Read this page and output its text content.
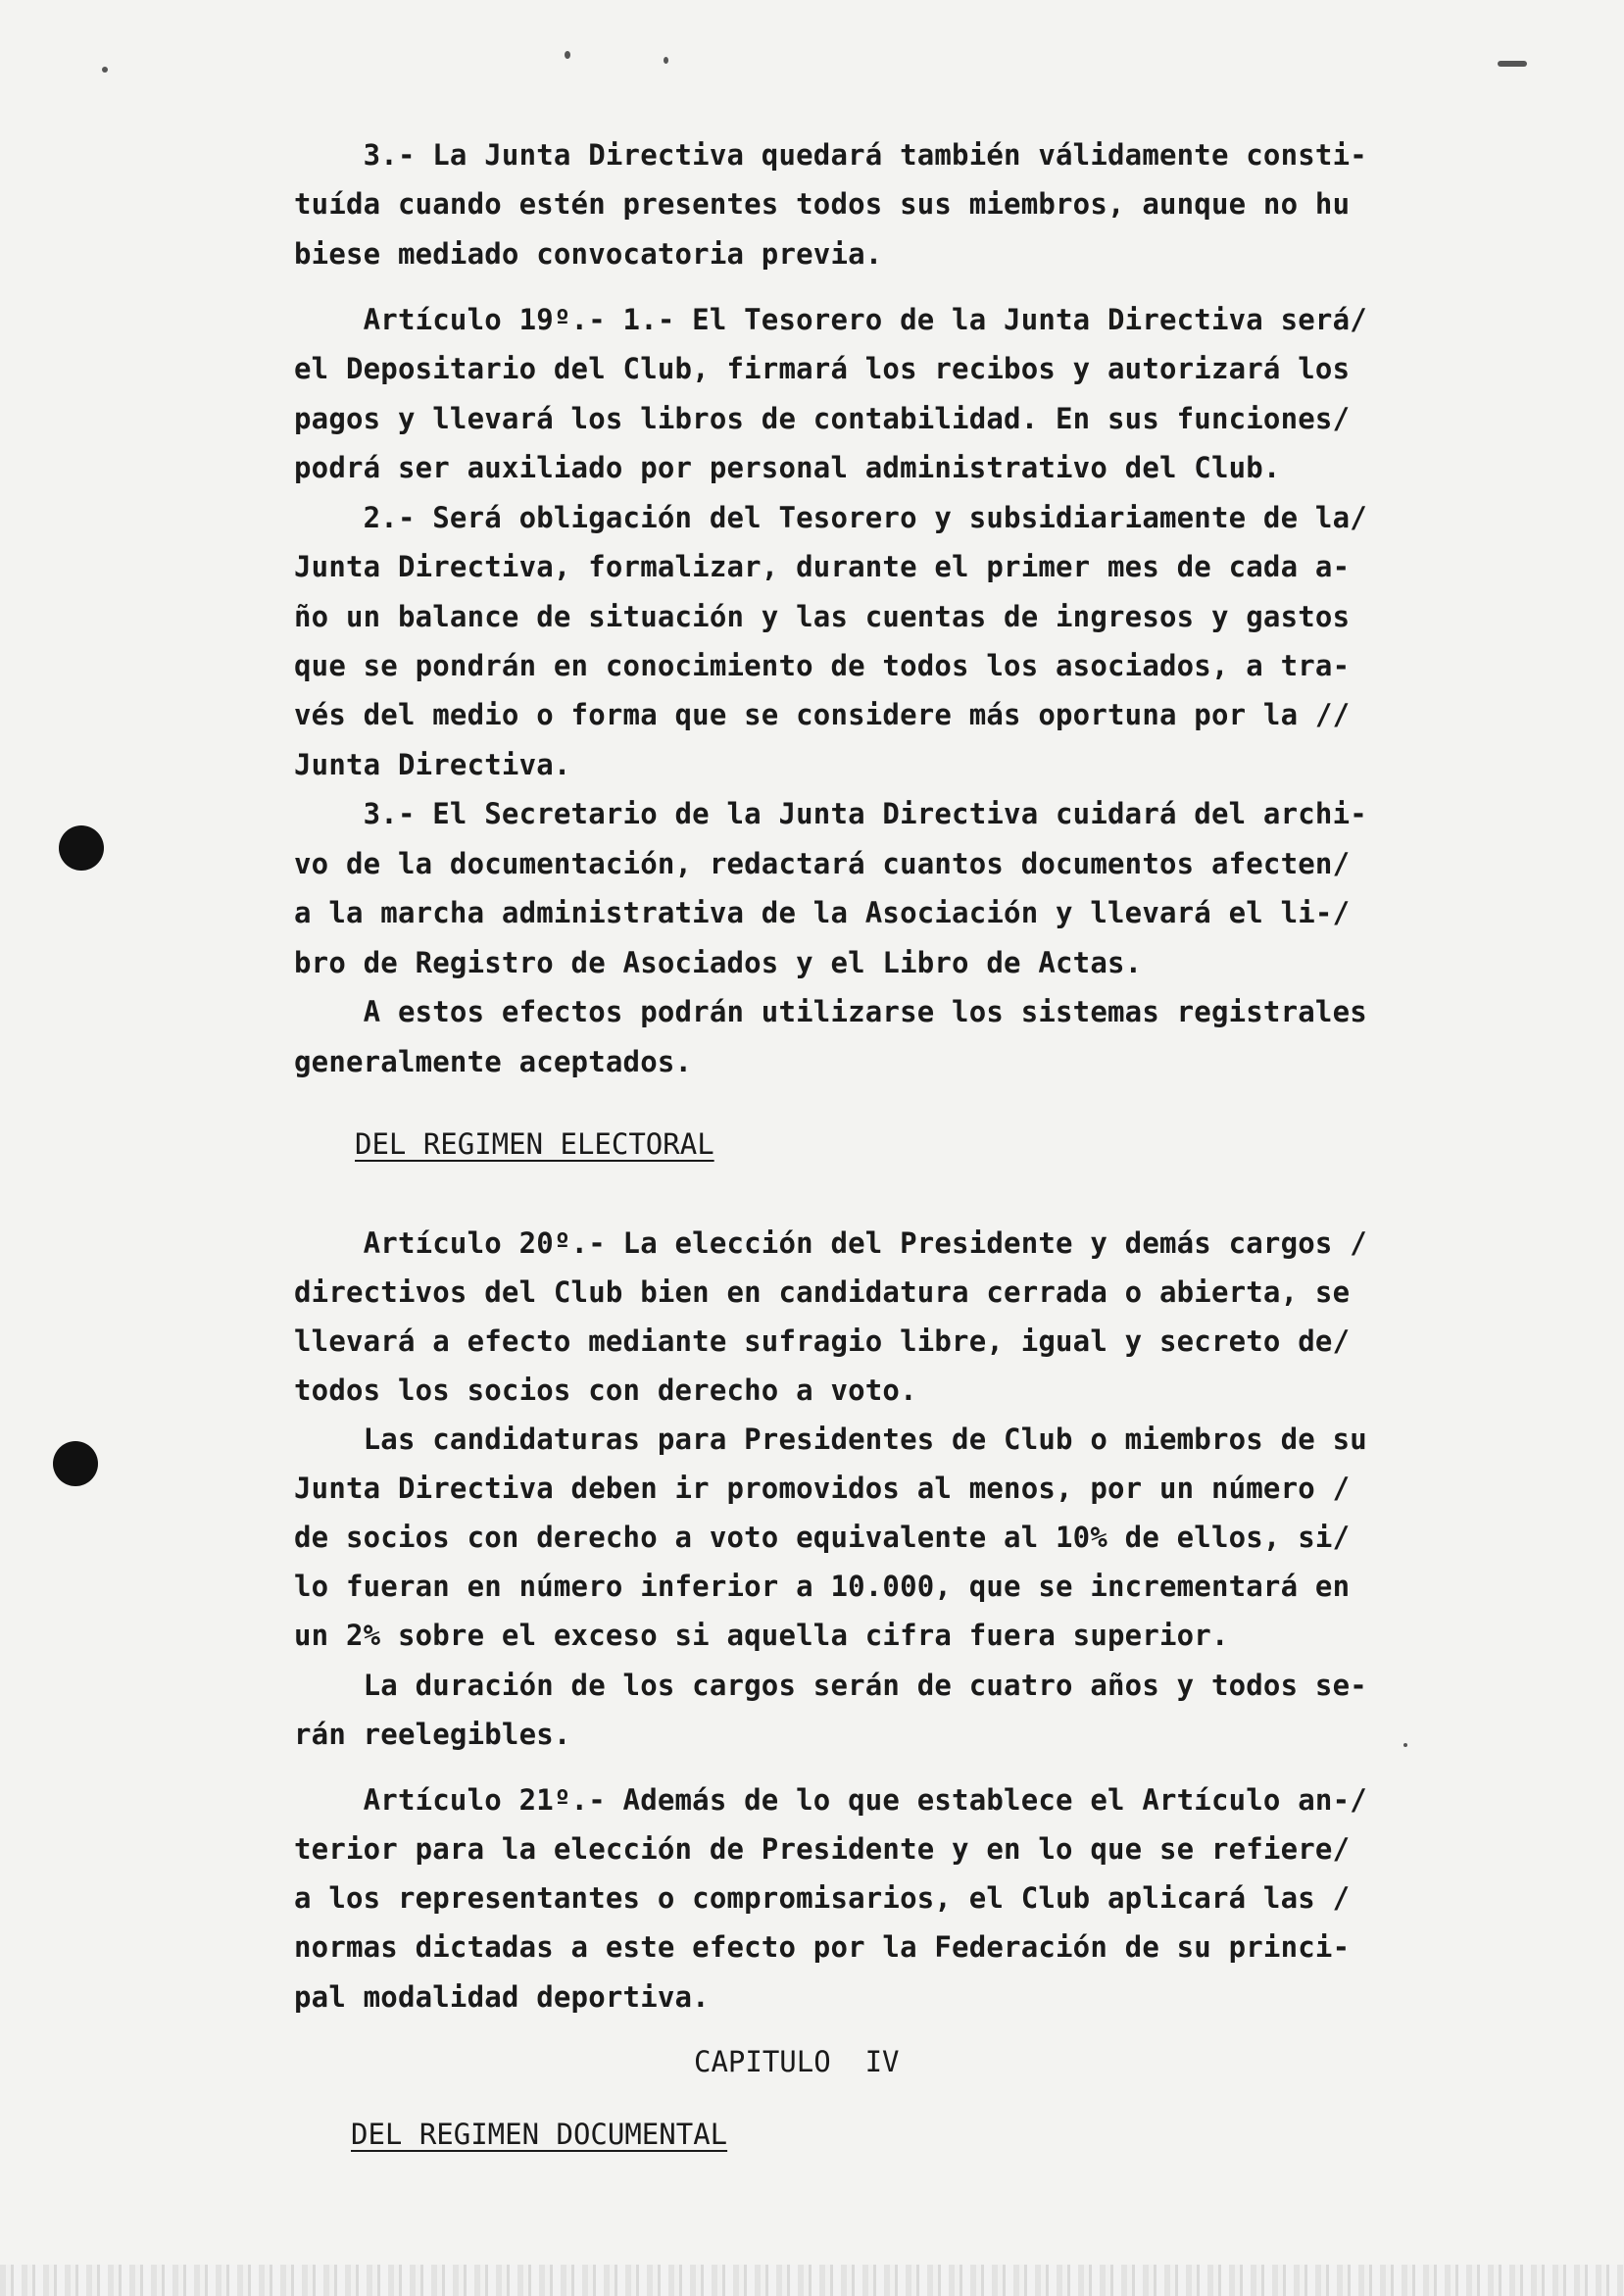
3.- La Junta Directiva quedará también válidamente consti-
tuída cuando estén presentes todos sus miembros, aunque no hu
biese mediado convocatoria previa.
Artículo 19º.- 1.- El Tesorero de la Junta Directiva será/
el Depositario del Club, firmará los recibos y autorizará los
pagos y llevará los libros de contabilidad. En sus funciones/
podrá ser auxiliado por personal administrativo del Club.
2.- Será obligación del Tesorero y subsidiariamente de la/
Junta Directiva, formalizar, durante el primer mes de cada a-
ño un balance de situación y las cuentas de ingresos y gastos
que se pondrán en conocimiento de todos los asociados, a tra-
vés del medio o forma que se considere más oportuna por la //
Junta Directiva.
3.- El Secretario de la Junta Directiva cuidará del archi-
vo de la documentación, redactará cuantos documentos afecten/
a la marcha administrativa de la Asociación y llevará el li-/
bro de Registro de Asociados y el Libro de Actas.
A estos efectos podrán utilizarse los sistemas registrales
generalmente aceptados.
DEL REGIMEN ELECTORAL
Artículo 20º.- La elección del Presidente y demás cargos /
directivos del Club bien en candidatura cerrada o abierta, se
llevará a efecto mediante sufragio libre, igual y secreto de/
todos los socios con derecho a voto.
Las candidaturas para Presidentes de Club o miembros de su
Junta Directiva deben ir promovidos al menos, por un número /
de socios con derecho a voto equivalente al 10% de ellos, si/
lo fueran en número inferior a 10.000, que se incrementará en
un 2% sobre el exceso si aquella cifra fuera superior.
La duración de los cargos serán de cuatro años y todos se-
rán reelegibles.
Artículo 21º.- Además de lo que establece el Artículo an-/
terior para la elección de Presidente y en lo que se refiere/
a los representantes o compromisarios, el Club aplicará las /
normas dictadas a este efecto por la Federación de su princi-
pal modalidad deportiva.
CAPITULO  IV
DEL REGIMEN DOCUMENTAL
